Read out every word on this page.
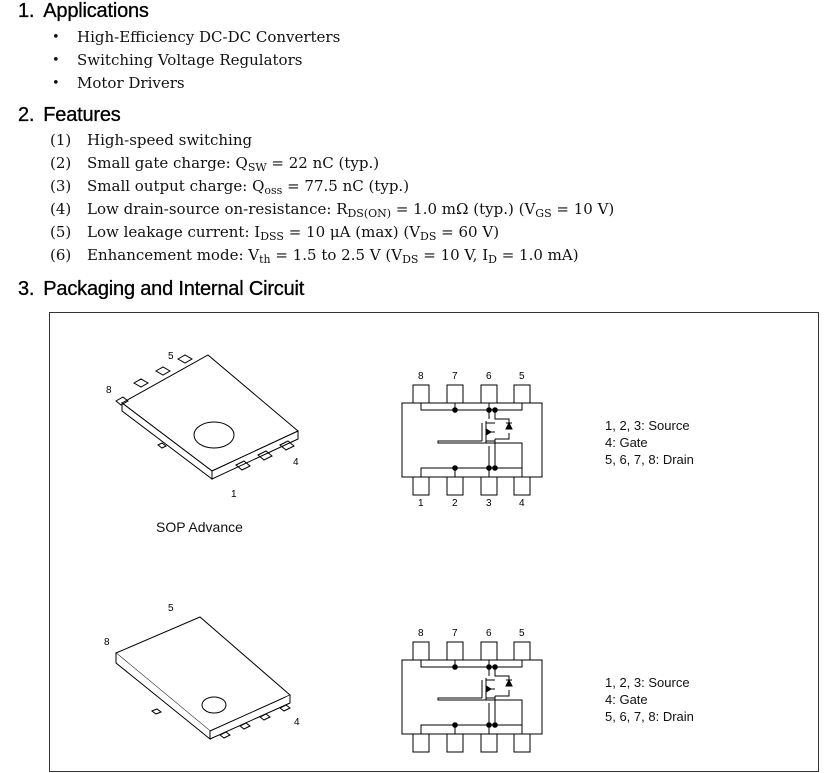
1. Applications
• High-Efficiency DC-DC Converters
• Switching Voltage Regulators
• Motor Drivers
2. Features
(1) High-speed switching
(2) Small gate charge: $Q_{SW} = 22$ nC (typ.)
(3) Small output charge: $Q_{oss} = 77.5$ nC (typ.)
(4) Low drain-source on-resistance: $R_{DS(ON)} = 1.0$ mΩ (typ.) ($V_{GS} = 10$ V)
(5) Low leakage current: $I_{DSS} = 10$ μA (max) ($V_{DS} = 60$ V)
(6) Enhancement mode: $V_{th} = 1.5$ to 2.5 V ($V_{DS} = 10$ V, $I_D = 1.0$ mA)
3. Packaging and Internal Circuit
5
8
1
4
8	7	6	5
1	2	3	4
5
8
4
8	7	6	5
1, 2, 3: Source
4: Gate
5, 6, 7, 8: Drain
SOP Advance
1, 2, 3: Source
4: Gate
5, 6, 7, 8: Drain
